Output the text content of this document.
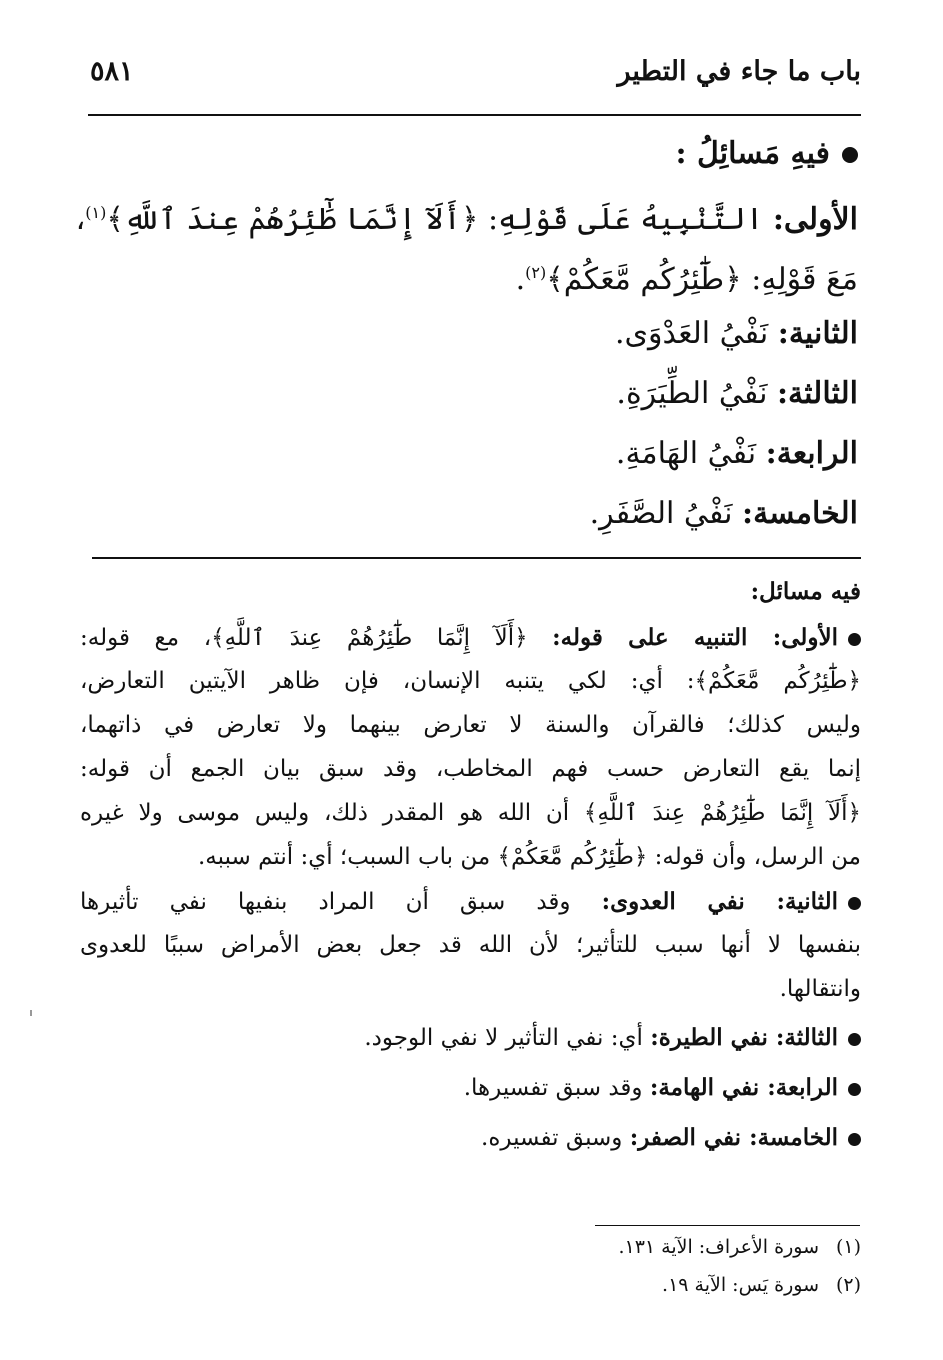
باب ما جاء في التطير
٥٨١
فيهِ مَسائِلُ :
الأولى: التَّنْبِيهُ عَلَى قَوْلِهِ: ﴿أَلَآ إِنَّمَا طَٰٓئِرُهُمْ عِندَ ٱللَّهِ﴾$^{(١)}$،
مَعَ قَوْلِهِ: ﴿طَٰٓئِرُكُم مَّعَكُمْ﴾$^{(٢)}$.
الثانية: نَفْيُ العَدْوَى.
الثالثة: نَفْيُ الطِّيَرَةِ.
الرابعة: نَفْيُ الهَامَةِ.
الخامسة: نَفْيُ الصَّفَرِ.
فيه مسائل:
الأولى: التنبيه على قوله: ﴿أَلَآ إِنَّمَا طَٰٓئِرُهُمْ عِندَ ٱللَّهِ﴾، مع قوله:
﴿طَٰٓئِرُكُم مَّعَكُمْ﴾: أي: لكي يتنبه الإنسان، فإن ظاهر الآيتين التعارض،
وليس كذلك؛ فالقرآن والسنة لا تعارض بينهما ولا تعارض في ذاتهما،
إنما يقع التعارض حسب فهم المخاطب، وقد سبق بيان الجمع أن قوله:
﴿أَلَآ إِنَّمَا طَٰٓئِرُهُمْ عِندَ ٱللَّهِ﴾ أن الله هو المقدر ذلك، وليس موسى ولا غيره
من الرسل، وأن قوله: ﴿طَٰٓئِرُكُم مَّعَكُمْ﴾ من باب السبب؛ أي: أنتم سببه.
الثانية: نفي العدوى: وقد سبق أن المراد بنفيها نفي تأثيرها
بنفسها لا أنها سبب للتأثير؛ لأن الله قد جعل بعض الأمراض سببًا للعدوى
وانتقالها.
الثالثة: نفي الطيرة: أي: نفي التأثير لا نفي الوجود.
الرابعة: نفي الهامة: وقد سبق تفسيرها.
الخامسة: نفي الصفر: وسبق تفسيره.
(١)سورة الأعراف: الآية ١٣١.
(٢)سورة يَس: الآية ١٩.
